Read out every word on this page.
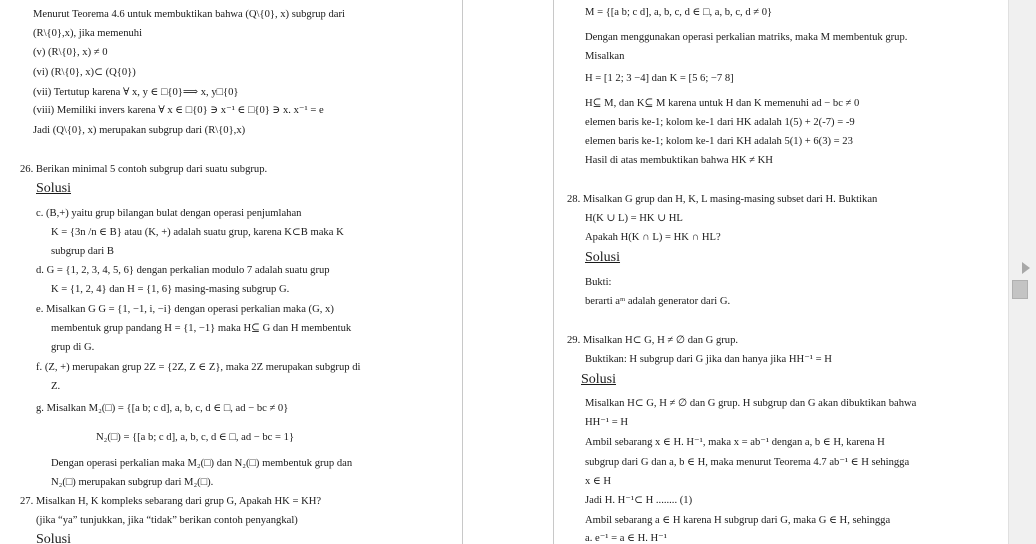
Menurut Teorema 4.6 untuk membuktikan bahwa (Q\{0}, x) subgrup dari
(R\{0},x), jika memenuhi
(v) (R\{0}, x) ≠ 0
(vi) (R\{0}, x)⊂ (Q{0})
(vii) Tertutup karena ∀ x, y ∈ □{0}⟹ x, y□{0}
(viii) Memiliki invers karena ∀ x ∈ □{0} ∋ x⁻¹ ∈ □{0} ∋ x. x⁻¹ = e
Jadi (Q\{0}, x) merupakan subgrup dari (R\{0},x)
26. Berikan minimal 5 contoh subgrup dari suatu subgrup.
Solusi
c. (B,+) yaitu grup bilangan bulat dengan operasi penjumlahan
K = {3n /n ∈ B} atau (K, +) adalah suatu grup, karena K⊂B maka K
subgrup dari B
d. G = {1, 2, 3, 4, 5, 6} dengan perkalian modulo 7 adalah suatu grup
K = {1, 2, 4} dan H = {1, 6} masing-masing subgrup G.
e. Misalkan G G = {1, −1, i, −i} dengan operasi perkalian maka (G, x)
membentuk grup pandang H = {1, −1} maka H⊆ G dan H membentuk
grup di G.
f. (Z, +) merupakan grup 2Z = {2Z, Z ∈ Z}, maka 2Z merupakan subgrup di
Z.
g. Misalkan M₂(□) = {[a b; c d], a, b, c, d ∈ □, ad − bc ≠ 0}
N₂(□) = {[a b; c d], a, b, c, d ∈ □, ad − bc = 1}
Dengan operasi perkalian maka M₂(□) dan N₂(□) membentuk grup dan
N₂(□) merupakan subgrup dari M₂(□).
27. Misalkan H, K kompleks sebarang dari grup G, Apakah HK = KH?
(jika “ya” tunjukkan, jika “tidak” berikan contoh penyangkal)
Solusi
M = {[a b; c d], a, b, c, d ∈ □, a, b, c, d ≠ 0}
Dengan menggunakan operasi perkalian matriks, maka M membentuk grup.
Misalkan
H = [1 2; 3 −4] dan K = [5 6; −7 8]
H⊆ M, dan K⊆ M karena untuk H dan K memenuhi ad − bc ≠ 0
elemen baris ke-1; kolom ke-1 dari HK adalah 1(5) + 2(-7) = -9
elemen baris ke-1; kolom ke-1 dari KH adalah 5(1) + 6(3) = 23
Hasil di atas membuktikan bahwa HK ≠ KH
28. Misalkan G grup dan H, K, L masing-masing subset dari H. Buktikan
H(K ∪ L) = HK ∪ HL
Apakah H(K ∩ L) = HK ∩ HL?
Solusi
Bukti:
berarti aᵐ adalah generator dari G.
29. Misalkan H⊂ G, H ≠ ∅ dan G grup.
Buktikan: H subgrup dari G jika dan hanya jika HH⁻¹ = H
Solusi
Misalkan H⊂ G, H ≠ ∅ dan G grup. H subgrup dan G akan dibuktikan bahwa
HH⁻¹ = H
Ambil sebarang x ∈ H. H⁻¹, maka x = ab⁻¹ dengan a, b ∈ H, karena H
subgrup dari G dan a, b ∈ H, maka menurut Teorema 4.7 ab⁻¹ ∈ H sehingga
x ∈ H
Jadi H. H⁻¹⊂ H ........ (1)
Ambil sebarang a ∈ H karena H subgrup dari G, maka G ∈ H, sehingga
a. e⁻¹ = a ∈ H. H⁻¹
